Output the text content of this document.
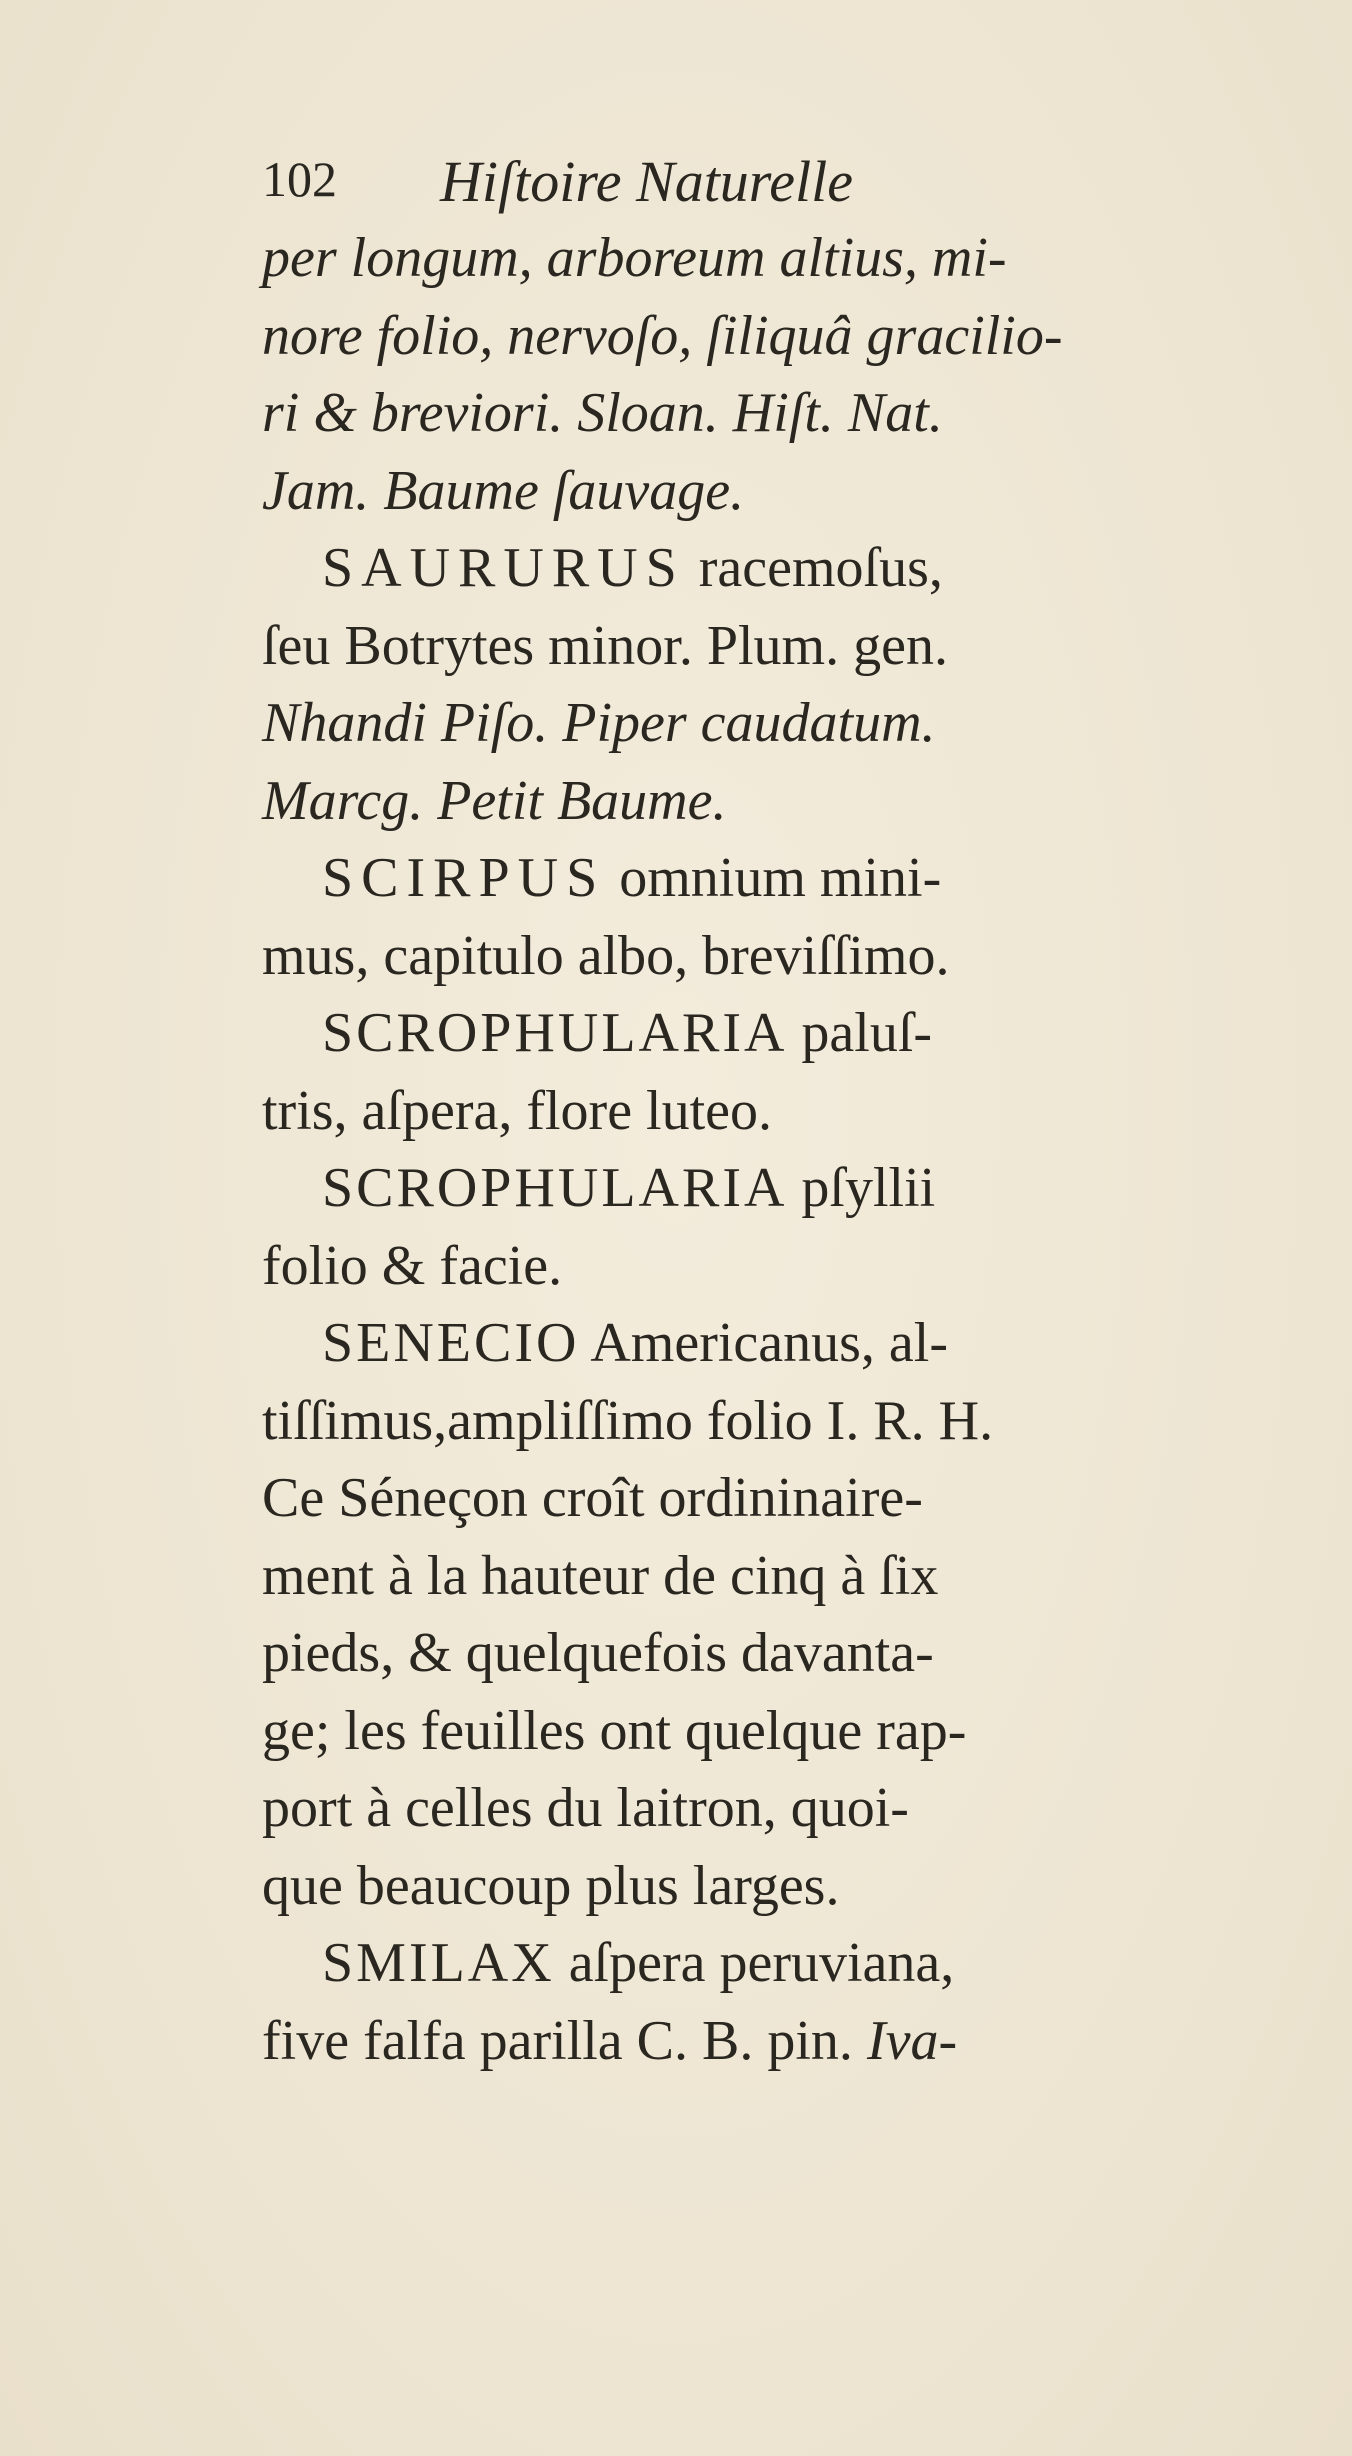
102 Hiſtoire Naturelle
per longum, arboreum altius, mi-
nore folio, nervoſo, ſiliquâ gracilio-
ri & breviori. Sloan. Hiſt. Nat.
Jam. Baume ſauvage.
SAURURUS racemoſus,
ſeu Botrytes minor. Plum. gen.
Nhandi Piſo. Piper caudatum.
Marcg. Petit Baume.
SCIRPUS omnium mini-
mus, capitulo albo, breviſſimo.
SCROPHULARIA paluſ-
tris, aſpera, flore luteo.
SCROPHULARIA pſyllii
folio & facie.
SENECIO Americanus, al-
tiſſimus,ampliſſimo folio I. R. H.
Ce Séneçon croît ordininaire-
ment à la hauteur de cinq à ſix
pieds, & quelquefois davanta-
ge; les feuilles ont quelque rap-
port à celles du laitron, quoi-
que beaucoup plus larges.
SMILAX aſpera peruviana,
five falfa parilla C. B. pin. Iva-
